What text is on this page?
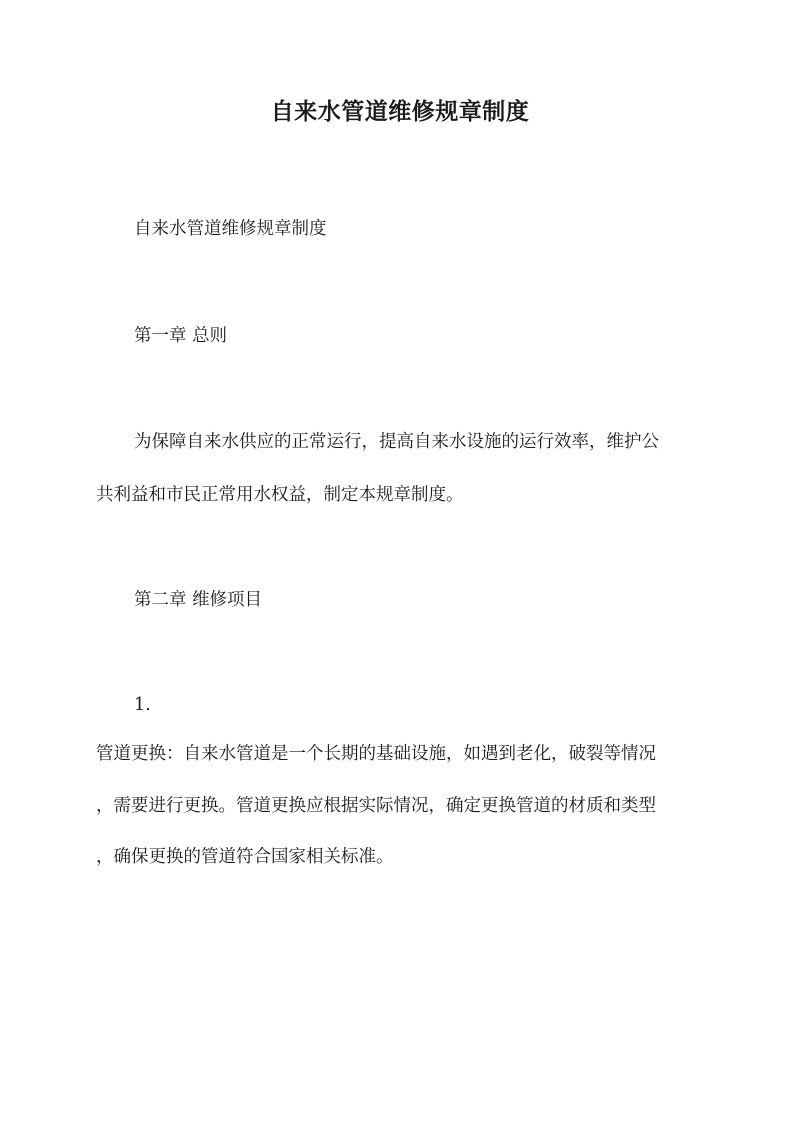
自来水管道维修规章制度

自来水管道维修规章制度

第一章 总则

为保障自来水供应的正常运行，提高自来水设施的运行效率，维护公

共利益和市民正常用水权益，制定本规章制度。

第二章 维修项目

1.

管道更换：自来水管道是一个长期的基础设施，如遇到老化，破裂等情况

，需要进行更换。管道更换应根据实际情况，确定更换管道的材质和类型

，确保更换的管道符合国家相关标准。
